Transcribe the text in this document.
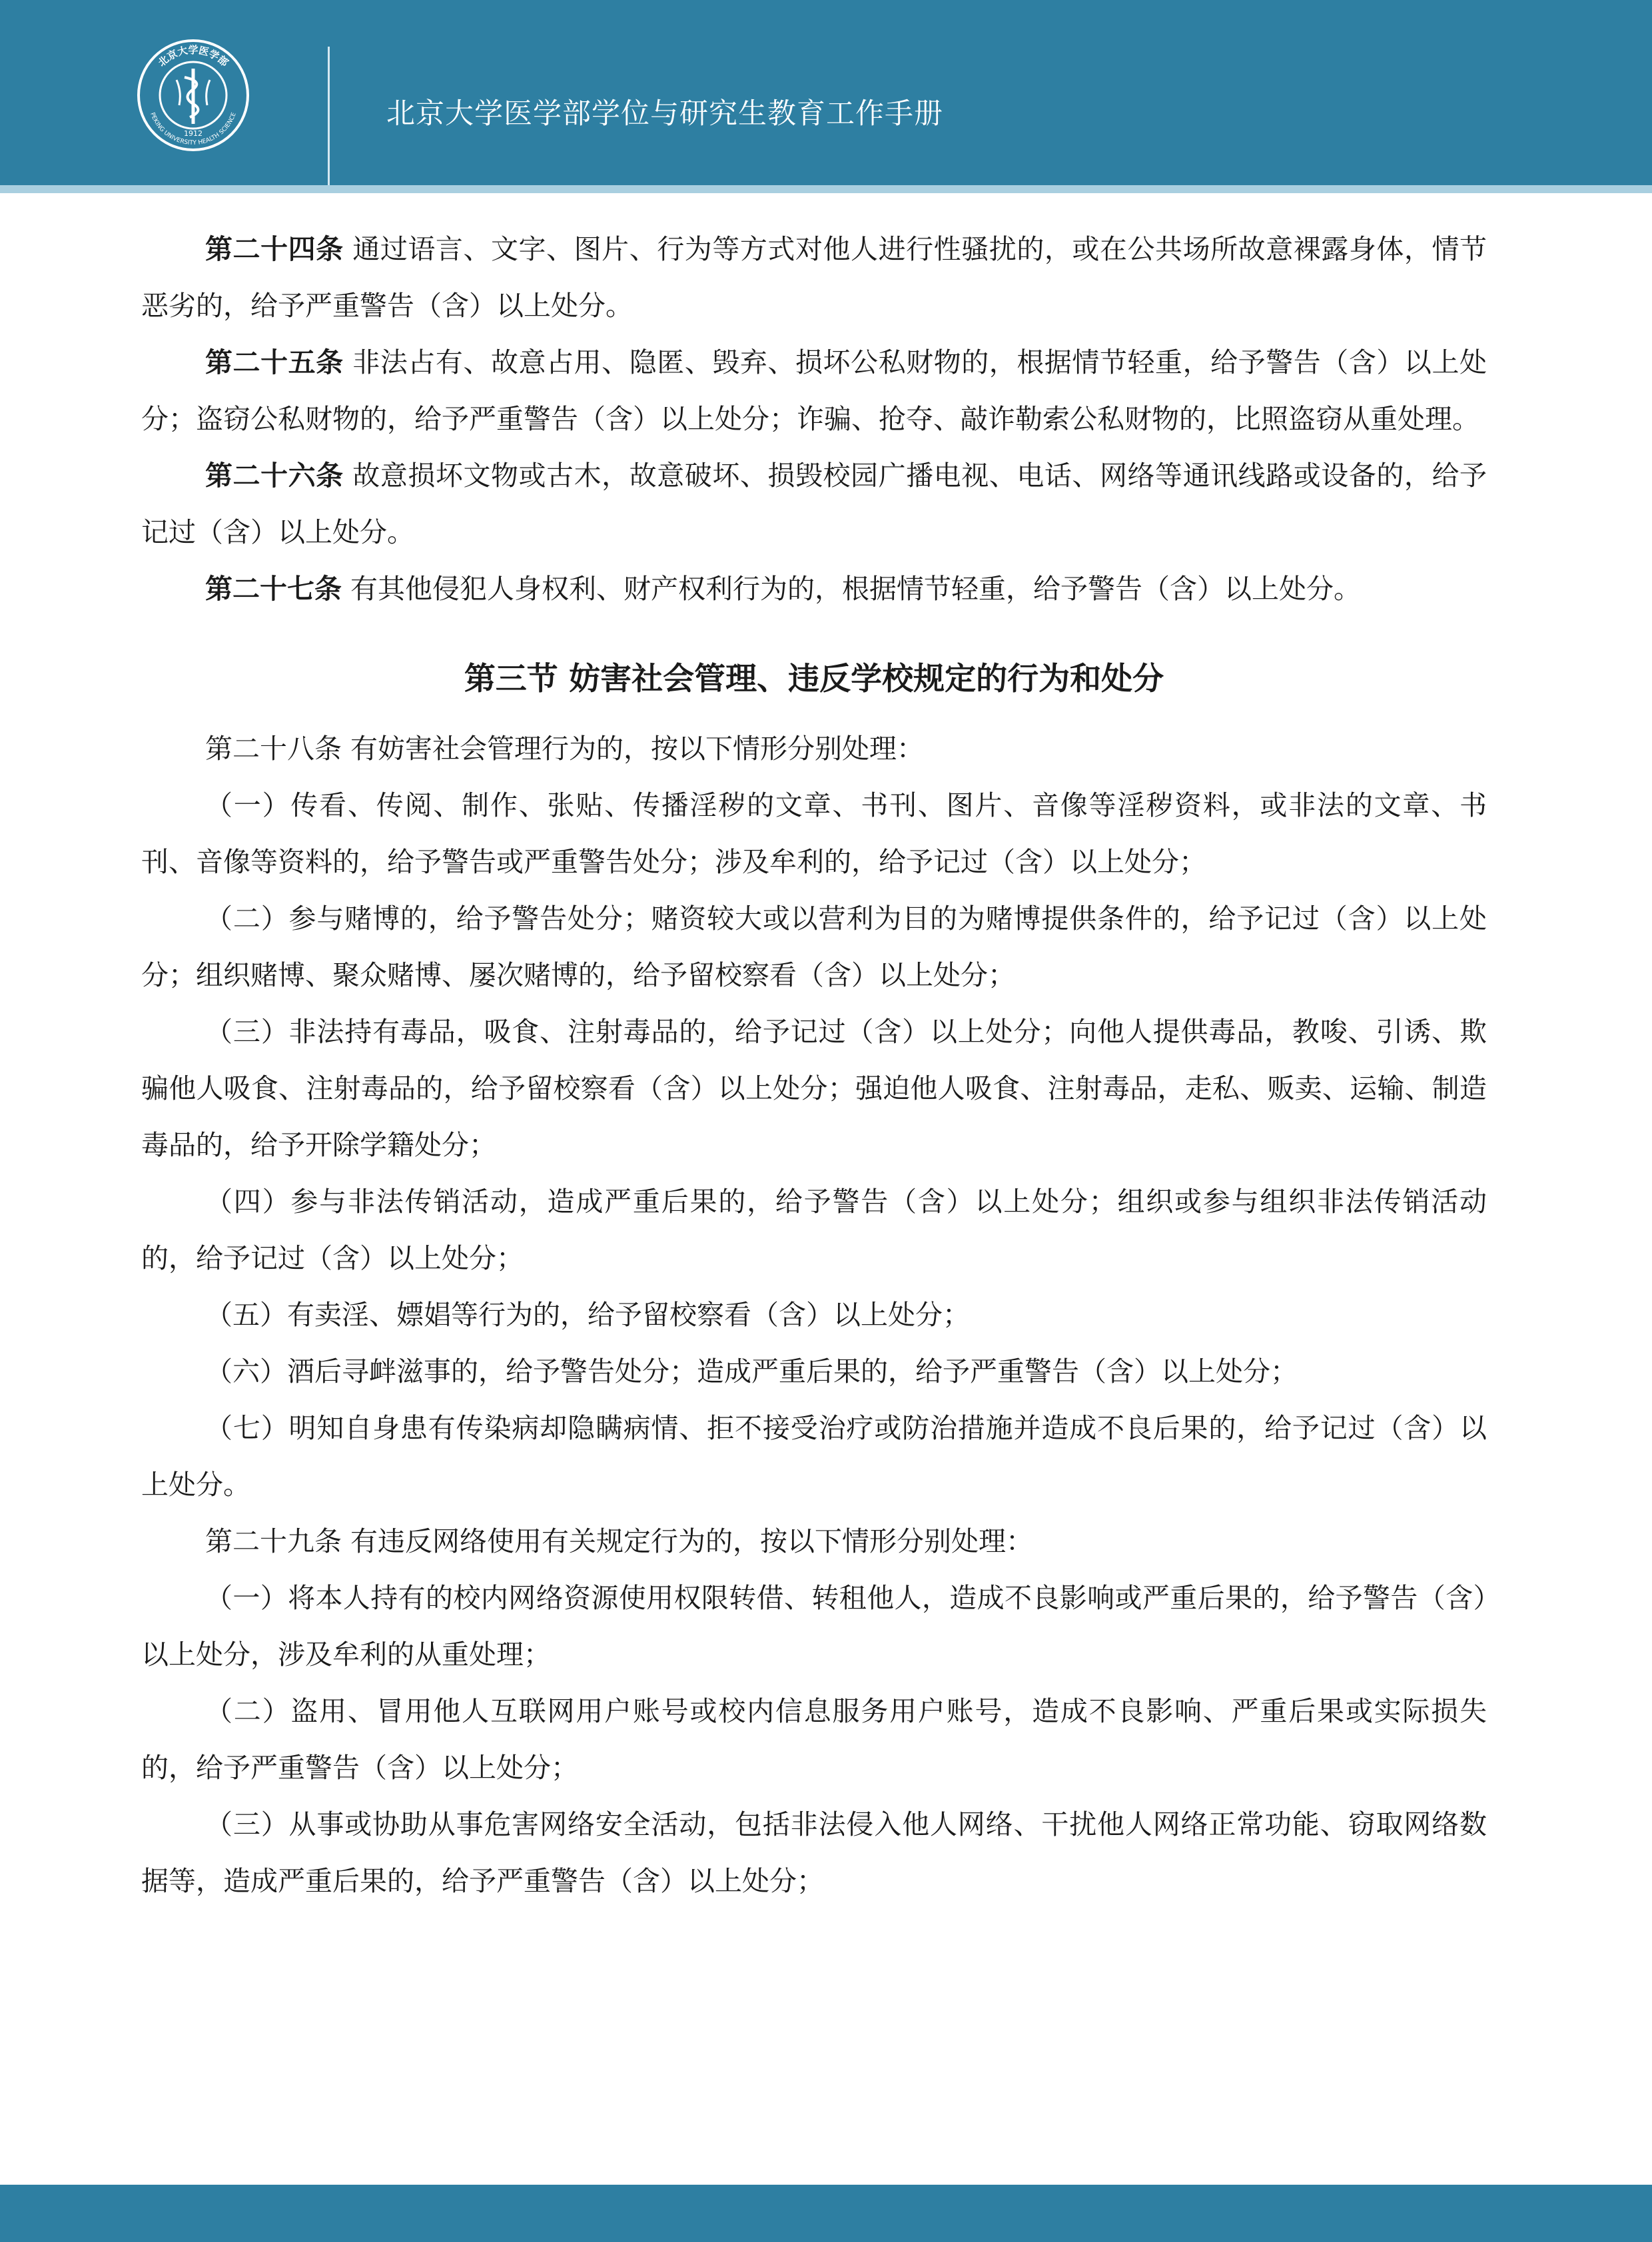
北京大学医学部
PEKING UNIVERSITY HEALTH SCIENCE
1912
北京大学医学部学位与研究生教育工作手册

第二十四条 通过语言、文字、图片、行为等方式对他人进行性骚扰的，或在公共场所故意裸露身体，情节恶劣的，给予严重警告（含）以上处分。

第二十五条 非法占有、故意占用、隐匿、毁弃、损坏公私财物的，根据情节轻重，给予警告（含）以上处分；盗窃公私财物的，给予严重警告（含）以上处分；诈骗、抢夺、敲诈勒索公私财物的，比照盗窃从重处理。

第二十六条 故意损坏文物或古木，故意破坏、损毁校园广播电视、电话、网络等通讯线路或设备的，给予记过（含）以上处分。

第二十七条 有其他侵犯人身权利、财产权利行为的，根据情节轻重，给予警告（含）以上处分。

第三节 妨害社会管理、违反学校规定的行为和处分

第二十八条 有妨害社会管理行为的，按以下情形分别处理：

（一）传看、传阅、制作、张贴、传播淫秽的文章、书刊、图片、音像等淫秽资料，或非法的文章、书刊、音像等资料的，给予警告或严重警告处分；涉及牟利的，给予记过（含）以上处分；

（二）参与赌博的，给予警告处分；赌资较大或以营利为目的为赌博提供条件的，给予记过（含）以上处分；组织赌博、聚众赌博、屡次赌博的，给予留校察看（含）以上处分；

（三）非法持有毒品，吸食、注射毒品的，给予记过（含）以上处分；向他人提供毒品，教唆、引诱、欺骗他人吸食、注射毒品的，给予留校察看（含）以上处分；强迫他人吸食、注射毒品，走私、贩卖、运输、制造毒品的，给予开除学籍处分；

（四）参与非法传销活动，造成严重后果的，给予警告（含）以上处分；组织或参与组织非法传销活动的，给予记过（含）以上处分；

（五）有卖淫、嫖娼等行为的，给予留校察看（含）以上处分；

（六）酒后寻衅滋事的，给予警告处分；造成严重后果的，给予严重警告（含）以上处分；

（七）明知自身患有传染病却隐瞒病情、拒不接受治疗或防治措施并造成不良后果的，给予记过（含）以上处分。

第二十九条 有违反网络使用有关规定行为的，按以下情形分别处理：

（一）将本人持有的校内网络资源使用权限转借、转租他人，造成不良影响或严重后果的，给予警告（含）以上处分，涉及牟利的从重处理；

（二）盗用、冒用他人互联网用户账号或校内信息服务用户账号，造成不良影响、严重后果或实际损失的，给予严重警告（含）以上处分；

（三）从事或协助从事危害网络安全活动，包括非法侵入他人网络、干扰他人网络正常功能、窃取网络数据等，造成严重后果的，给予严重警告（含）以上处分；
